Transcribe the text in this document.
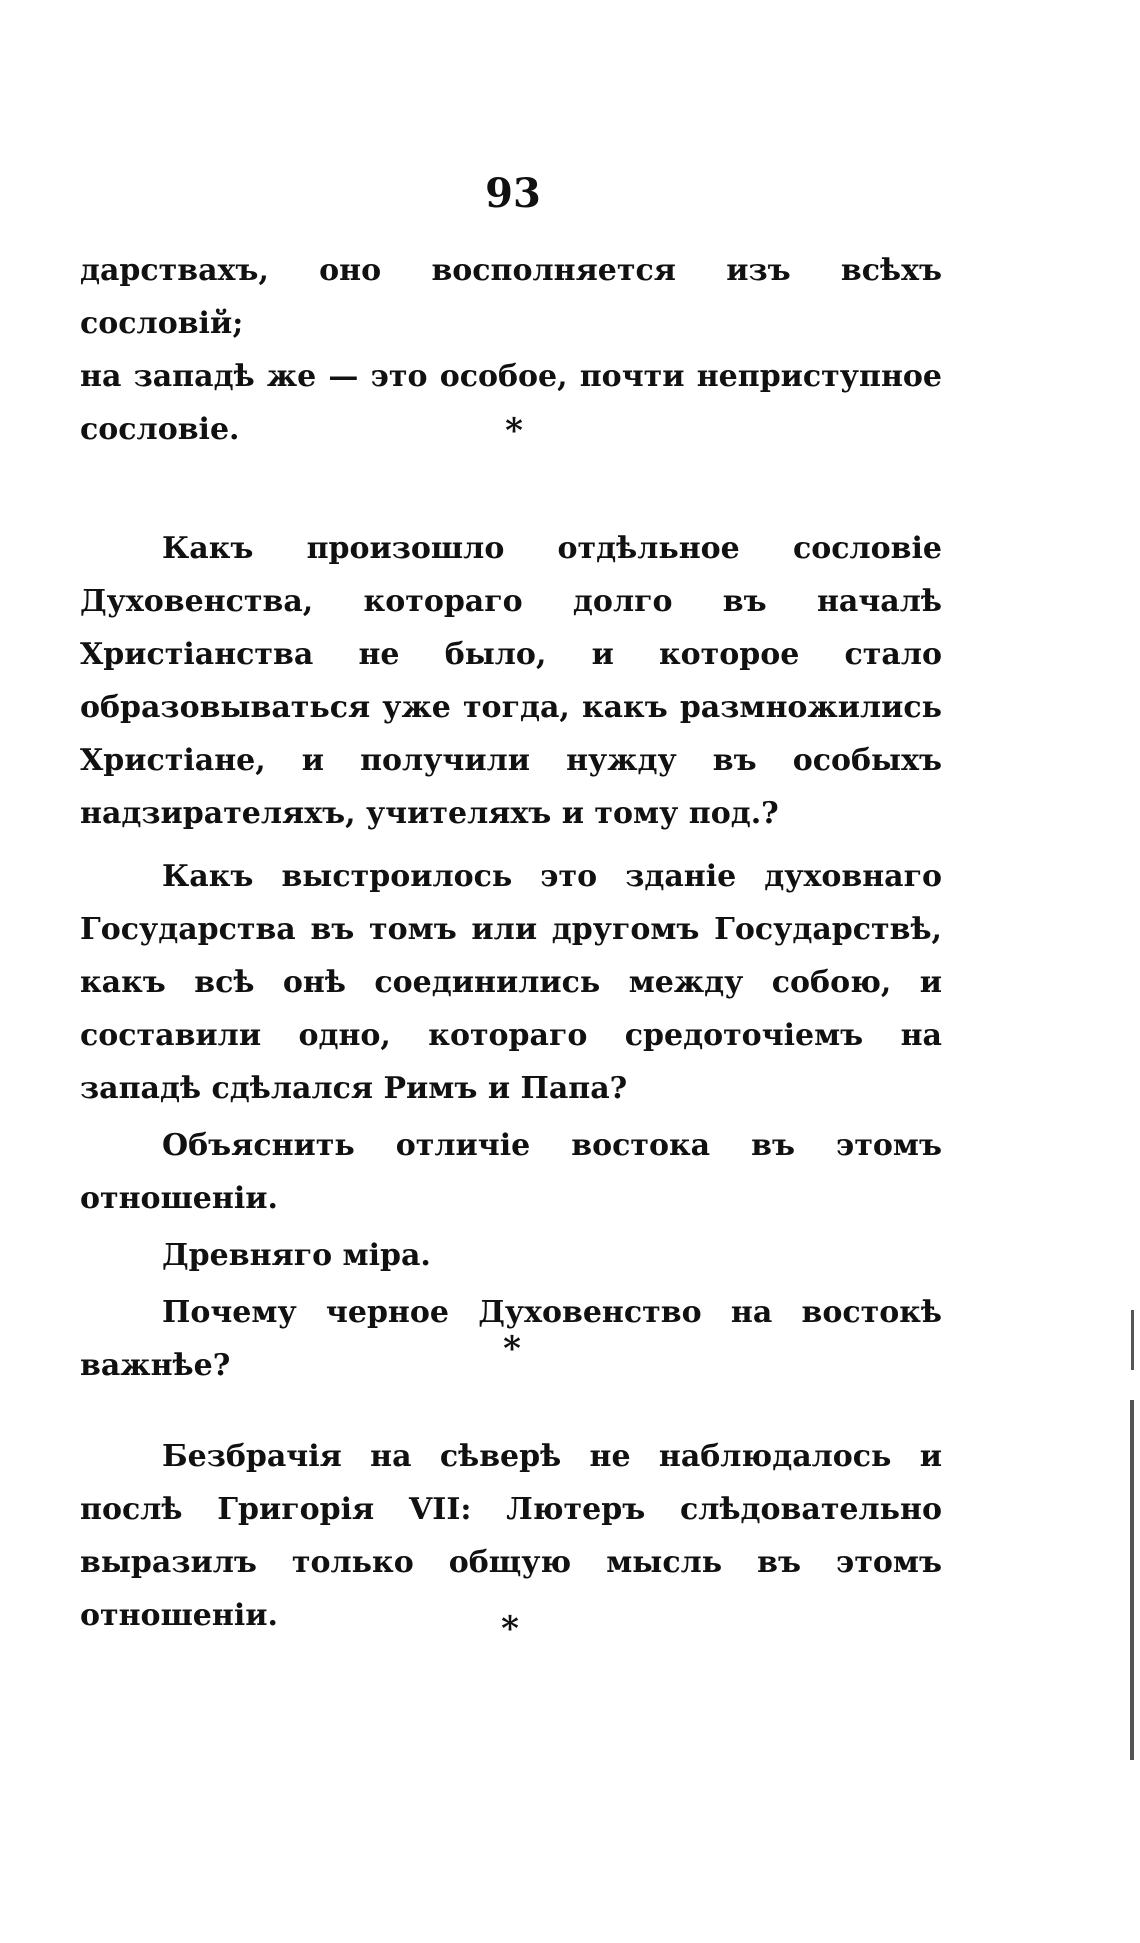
93

дарствахъ, оно восполняется изъ всѣхъ сословій;

на западѣ же — это особое, почти неприступное

сословіе.	*

Какъ произошло отдѣльное сословіе Духовенства, котораго долго въ началѣ Христіанства не было, и которое стало образовываться уже тогда, какъ размножились Христіане, и получили нужду въ особыхъ надзирателяхъ, учителяхъ и тому под.?

Какъ выстроилось это зданіе духовнаго Государства въ томъ или другомъ Государствѣ, какъ всѣ онѣ соединились между собою, и составили одно, котораго средоточіемъ на западѣ сдѣлался Римъ и Папа?

Объяснить отличіе востока въ этомъ отношеніи.

Древняго міра.

Почему черное Духовенство на востокѣ важнѣе?	*

Безбрачія на сѣверѣ не наблюдалось и послѣ Григорія VII: Лютеръ слѣдовательно выразилъ только общую мысль въ этомъ отношеніи.	*
